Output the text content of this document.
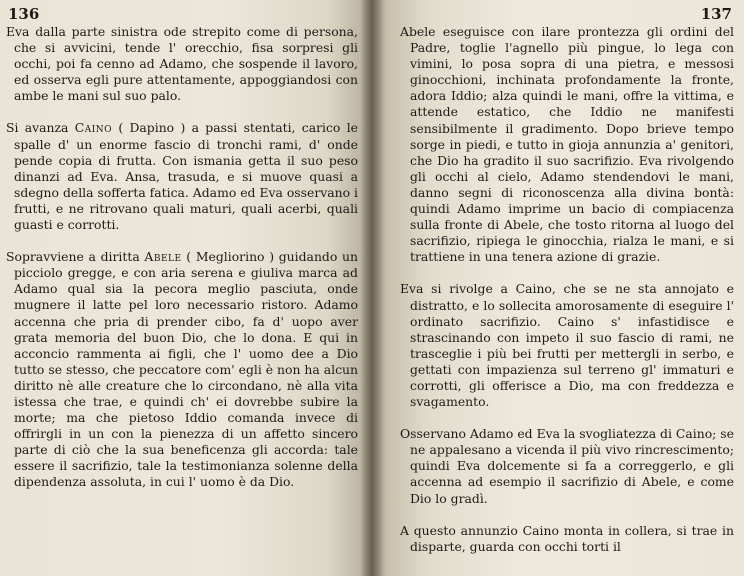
136

Eva dalla parte sinistra ode strepito come di persona, che si avvicini, tende l' orecchio, fisa sorpresi gli occhi, poi fa cenno ad Adamo, che sospende il lavoro, ed osserva egli pure attentamente, appoggiandosi con ambe le mani sul suo palo.

Si avanza Caino ( Dapino ) a passi stentati, carico le spalle d' un enorme fascio di tronchi rami, d' onde pende copia di frutta. Con ismania getta il suo peso dinanzi ad Eva. Ansa, trasuda, e si muove quasi a sdegno della sofferta fatica. Adamo ed Eva osservano i frutti, e ne ritrovano quali maturi, quali acerbi, quali guasti e corrotti.

Sopravviene a diritta Abele ( Megliorino ) guidando un picciolo gregge, e con aria serena e giuliva marca ad Adamo qual sia la pecora meglio pasciuta, onde mugnere il latte pel loro necessario ristoro. Adamo accenna che pria di prender cibo, fa d' uopo aver grata memoria del buon Dio, che lo dona. E qui in acconcio rammenta ai figli, che l' uomo dee a Dio tutto se stesso, che peccatore com' egli è non ha alcun diritto nè alle creature che lo circondano, nè alla vita istessa che trae, e quindi ch' ei dovrebbe subire la morte; ma che pietoso Iddio comanda invece di offrirgli in un con la pienezza di un affetto sincero parte di ciò che la sua beneficenza gli accorda: tale essere il sacrifizio, tale la testimonianza solenne della dipendenza assoluta, in cui l' uomo è da Dio.

137

Abele eseguisce con ilare prontezza gli ordini del Padre, toglie l'agnello più pingue, lo lega con vimini, lo posa sopra di una pietra, e messosi ginocchioni, inchinata profondamente la fronte, adora Iddio; alza quindi le mani, offre la vittima, e attende estatico, che Iddio ne manifesti sensibilmente il gradimento. Dopo brieve tempo sorge in piedi, e tutto in gioja annunzia a' genitori, che Dio ha gradito il suo sacrifizio. Eva rivolgendo gli occhi al cielo, Adamo stendendovi le mani, danno segni di riconoscenza alla divina bontà: quindi Adamo imprime un bacio di compiacenza sulla fronte di Abele, che tosto ritorna al luogo del sacrifizio, ripiega le ginocchia, rialza le mani, e si trattiene in una tenera azione di grazie.

Eva si rivolge a Caino, che se ne sta annojato e distratto, e lo sollecita amorosamente di eseguire l' ordinato sacrifizio. Caino s' infastidisce e strascinando con impeto il suo fascio di rami, ne trasceglie i più bei frutti per mettergli in serbo, e gettati con impazienza sul terreno gl' immaturi e corrotti, gli offerisce a Dio, ma con freddezza e svagamento.

Osservano Adamo ed Eva la svogliatezza di Caino; se ne appalesano a vicenda il più vivo rincrescimento; quindi Eva dolcemente si fa a correggerlo, e gli accenna ad esempio il sacrifizio di Abele, e come Dio lo gradì.

A questo annunzio Caino monta in collera, si trae in disparte, guarda con occhi torti il
